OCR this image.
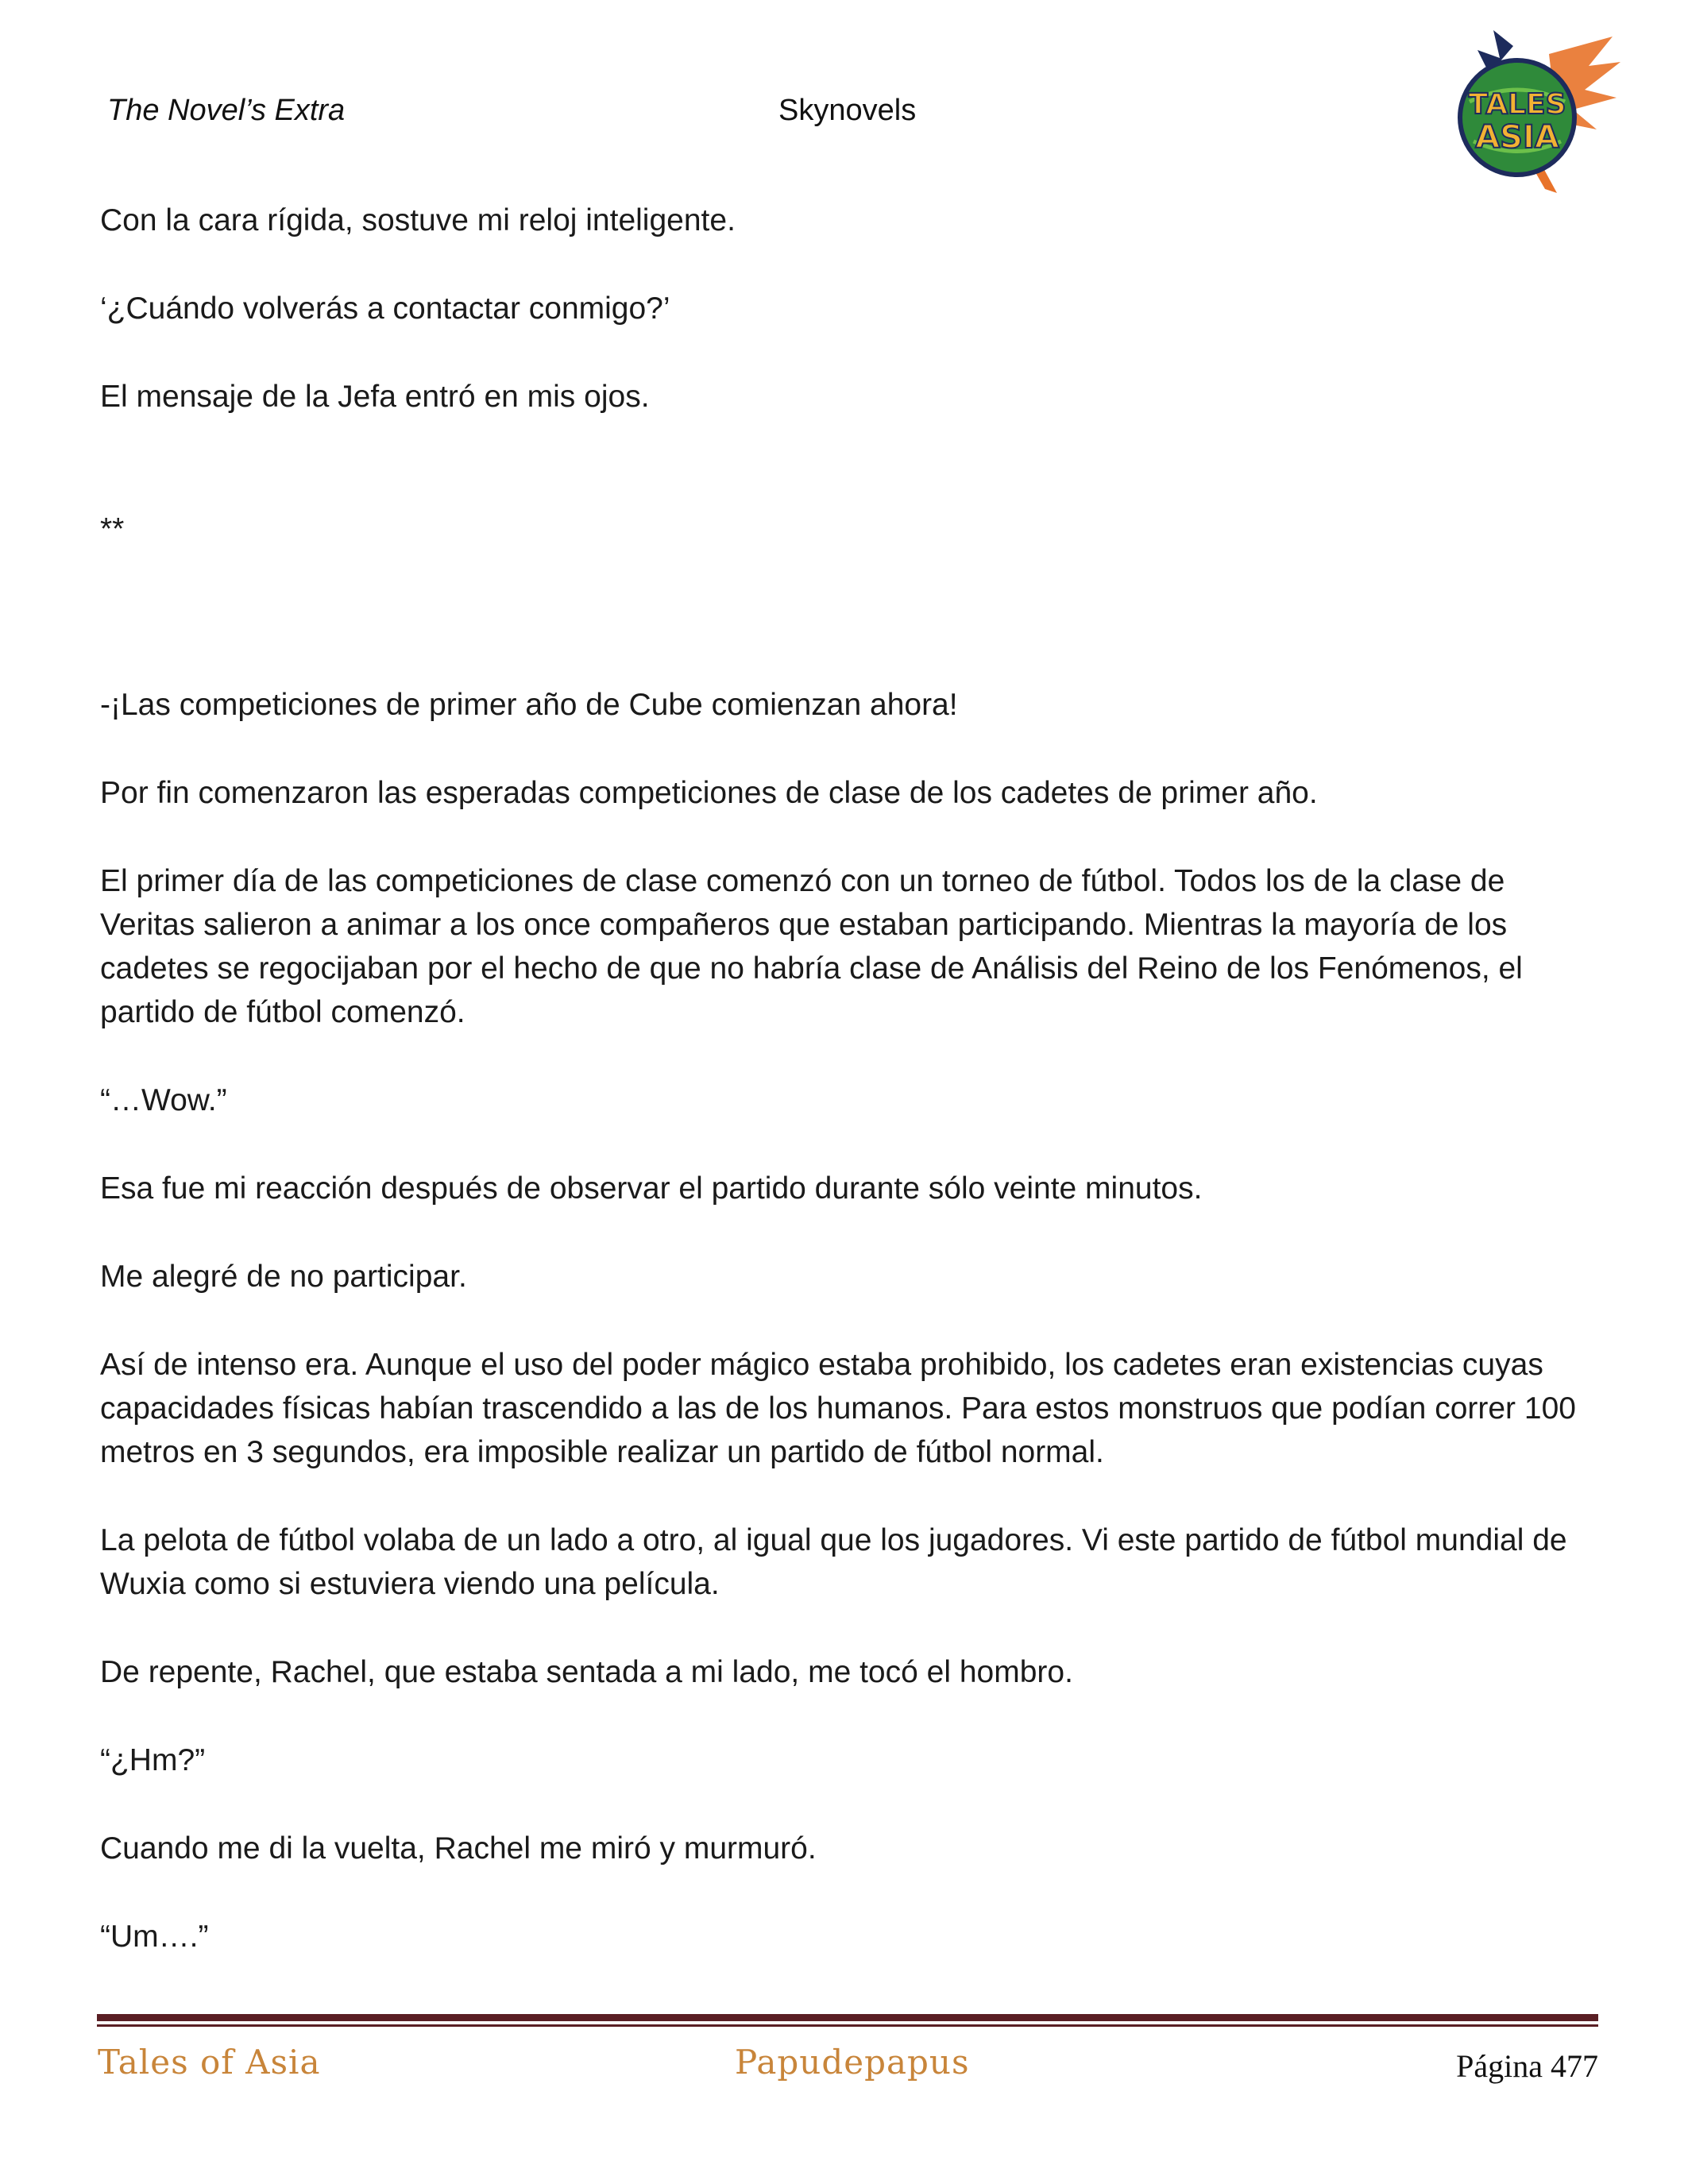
The Novel’s Extra	Skynovels	TALES
ASIA

Con la cara rígida, sostuve mi reloj inteligente.

‘¿Cuándo volverás a contactar conmigo?’

El mensaje de la Jefa entró en mis ojos.

**

-¡Las competiciones de primer año de Cube comienzan ahora!

Por fin comenzaron las esperadas competiciones de clase de los cadetes de primer año.

El primer día de las competiciones de clase comenzó con un torneo de fútbol. Todos los de la clase de Veritas salieron a animar a los once compañeros que estaban participando. Mientras la mayoría de los cadetes se regocijaban por el hecho de que no habría clase de Análisis del Reino de los Fenómenos, el partido de fútbol comenzó.

“…Wow.”

Esa fue mi reacción después de observar el partido durante sólo veinte minutos.

Me alegré de no participar.

Así de intenso era. Aunque el uso del poder mágico estaba prohibido, los cadetes eran existencias cuyas capacidades físicas habían trascendido a las de los humanos. Para estos monstruos que podían correr 100 metros en 3 segundos, era imposible realizar un partido de fútbol normal.

La pelota de fútbol volaba de un lado a otro, al igual que los jugadores. Vi este partido de fútbol mundial de Wuxia como si estuviera viendo una película.

De repente, Rachel, que estaba sentada a mi lado, me tocó el hombro.

“¿Hm?”

Cuando me di la vuelta, Rachel me miró y murmuró.

“Um….”

Tales of Asia	Papudepapus	Página 477
